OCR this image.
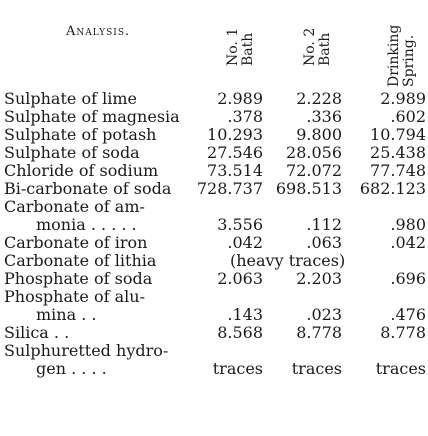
Analysis.	No. 1 Bath	No. 2 Bath	Drinking Spring.
Sulphate of lime	2.989 2.228 2.989
Sulphate of magnesia	.378	.336	.602
Sulphate of potash	10.293 9.800 10.794
Sulphate of soda	27.546 28.056 25.438
Chloride of sodium	73.514 72.072 77.748
Bi-carbonate of soda 728.737 698.513 682.123
Carbonate of am-
monia . . . . .	3.556	.112	.980
Carbonate of iron	.042	.063	.042
Carbonate of lithia	(heavy traces)
Phosphate of soda	2.063 2.203	.696
Phosphate of alu-
mina . .	.143	.023	.476
Silica . .	8.568 8.778 8.778
Sulphuretted hydro-
gen . . . .	traces traces traces
